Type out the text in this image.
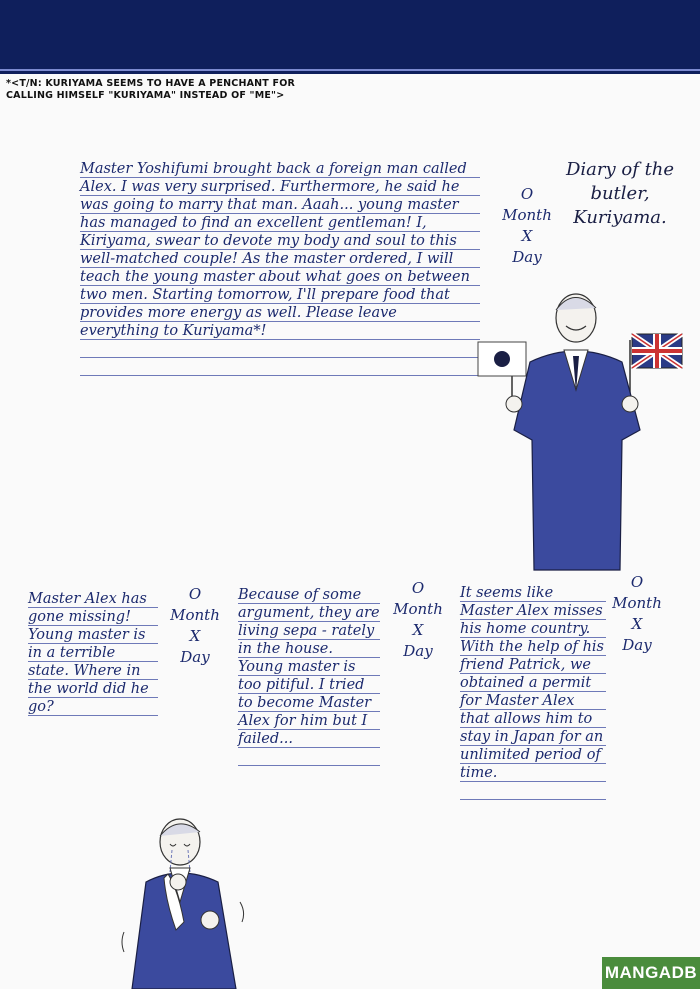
*<T/N: KURIYAMA SEEMS TO HAVE A PENCHANT FOR CALLING HIMSELF "KURIYAMA" INSTEAD OF "ME">
Master Yoshifumi brought back a foreign man called Alex. I was very surprised. Furthermore, he said he was going to marry that man. Aaah... young master has managed to find an excellent gentleman! I, Kiriyama, swear to devote my body and soul to this well-matched couple! As the master ordered, I will teach the young master about what goes on between two men. Starting tomorrow, I'll prepare food that provides more energy as well. Please leave everything to Kuriyama*!
O
Month
X
Day
Diary of the butler, Kuriyama.
Master Alex has gone missing! Young master is in a terrible state. Where in the world did he go?
O
Month
X
Day
Because of some argument, they are living sepa - rately in the house. Young master is too pitiful. I tried to become Master Alex for him but I failed...
O
Month
X
Day
It seems like Master Alex misses his home country. With the help of his friend Patrick, we obtained a permit for Master Alex that allows him to stay in Japan for an unlimited period of time.
O
Month
X
Day
MANGADB
